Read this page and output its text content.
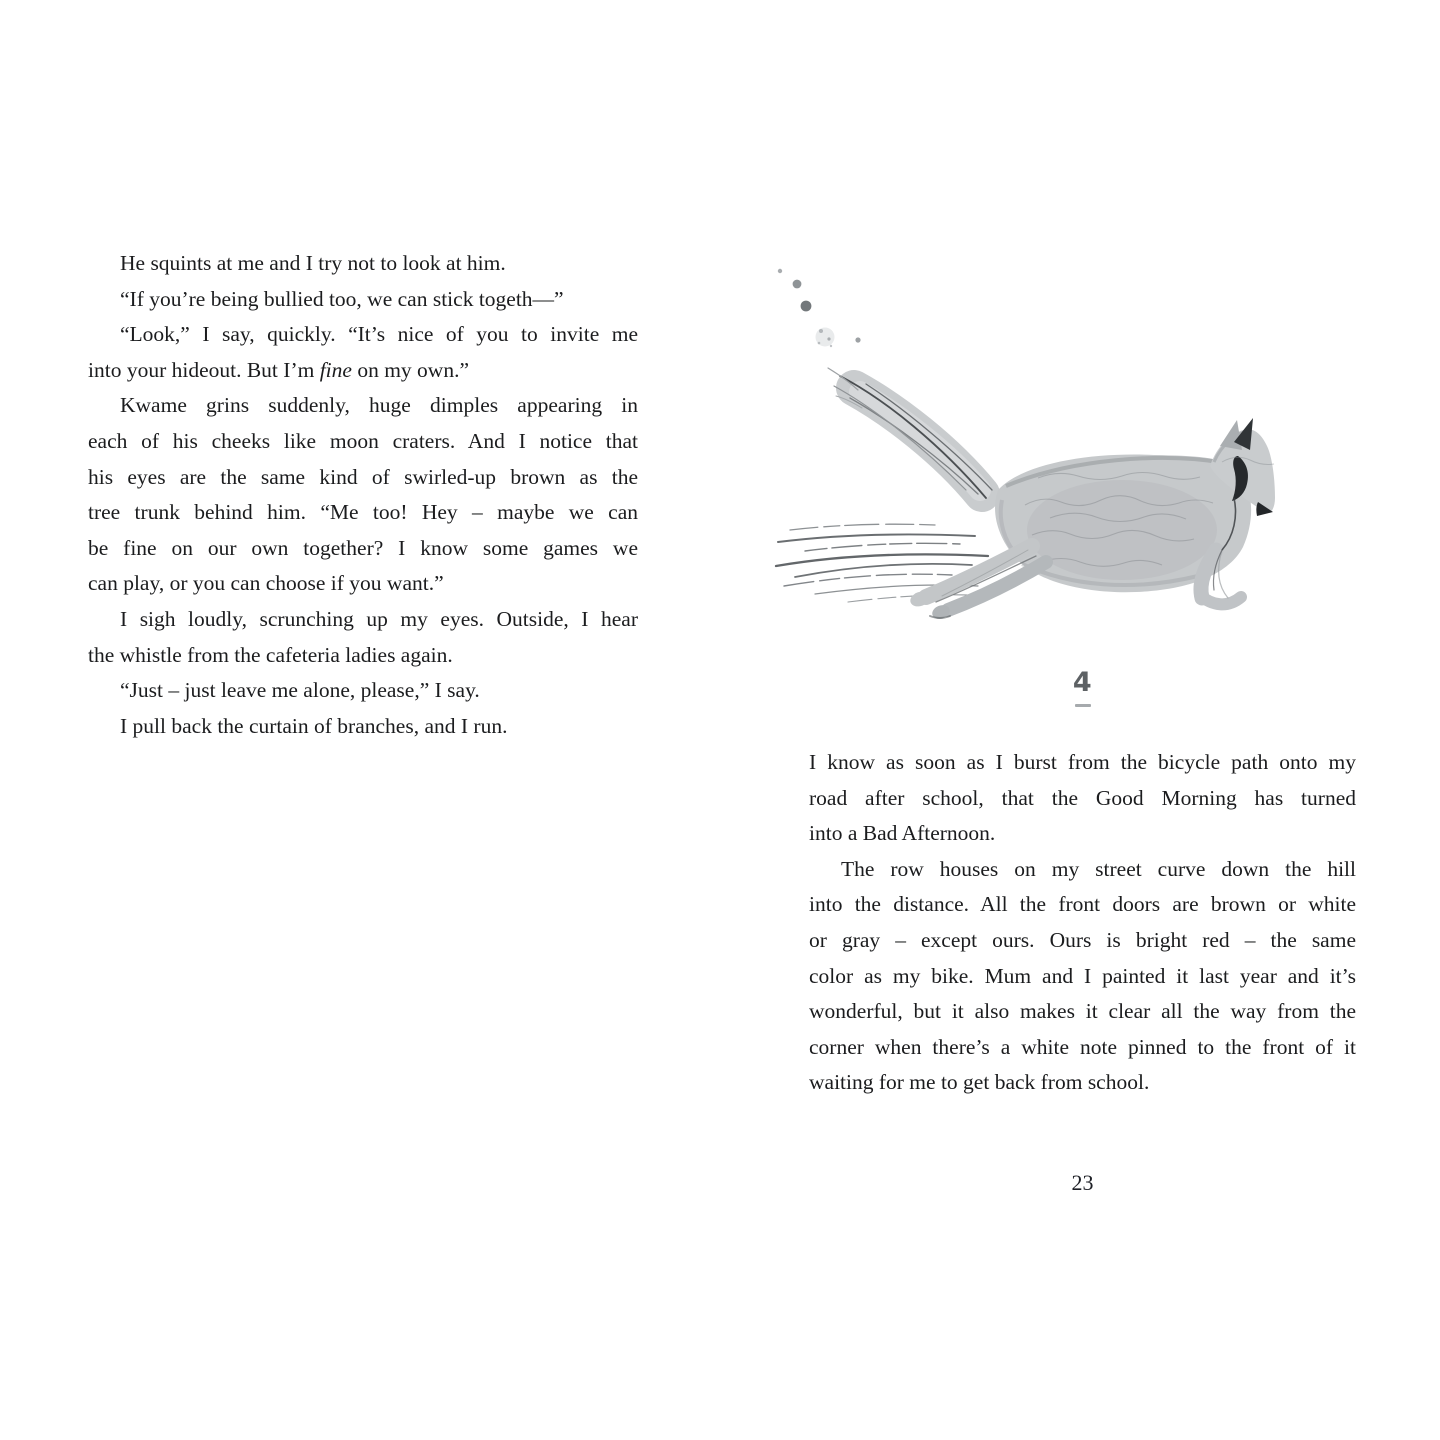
He squints at me and I try not to look at him.
“If you’re being bullied too, we can stick togeth—”
“Look,” I say, quickly. “It’s nice of you to invite me
into your hideout. But I’m fine on my own.”
Kwame grins suddenly, huge dimples appearing in
each of his cheeks like moon craters. And I notice that
his eyes are the same kind of swirled-up brown as the
tree trunk behind him. “Me too! Hey – maybe we can
be fine on our own together? I know some games we
can play, or you can choose if you want.”
I sigh loudly, scrunching up my eyes. Outside, I hear
the whistle from the cafeteria ladies again.
“Just – just leave me alone, please,” I say.
I pull back the curtain of branches, and I run.
4
I know as soon as I burst from the bicycle path onto my
road after school, that the Good Morning has turned
into a Bad Afternoon.
The row houses on my street curve down the hill
into the distance. All the front doors are brown or white
or gray – except ours. Ours is bright red – the same
color as my bike. Mum and I painted it last year and it’s
wonderful, but it also makes it clear all the way from the
corner when there’s a white note pinned to the front of it
waiting for me to get back from school.
23
